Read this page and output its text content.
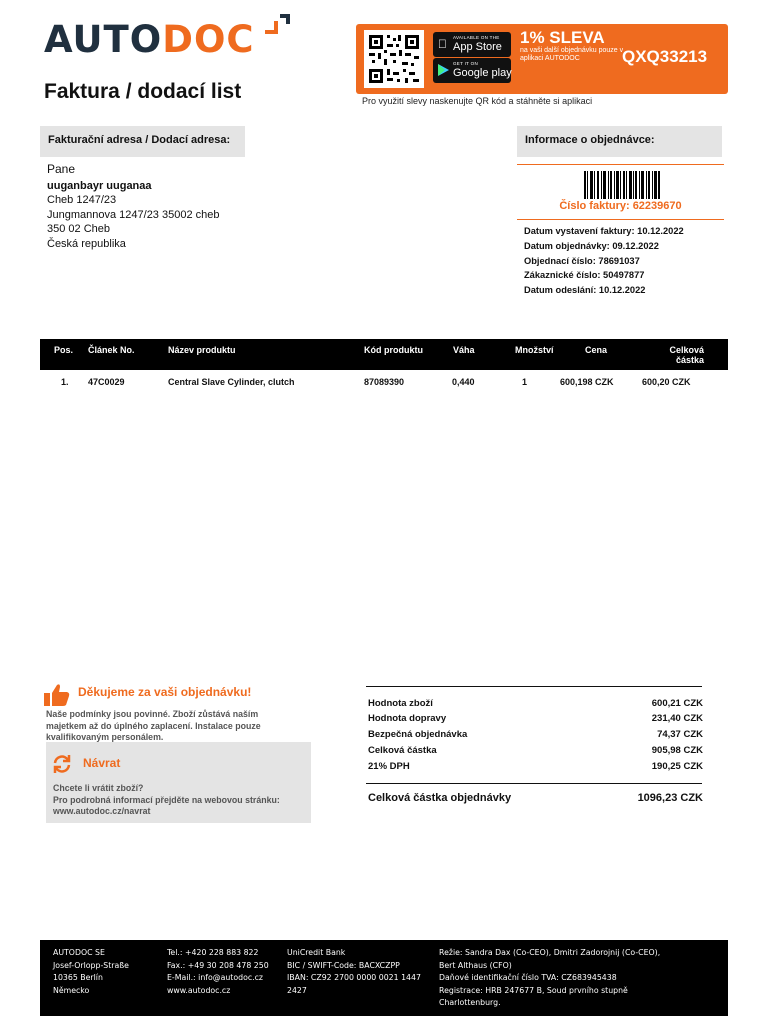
AUTODOC
Faktura / dodací list
AVAILABLE ON THE
App Store
GET IT ON
Google play
1% SLEVA
na vaši další objednávku pouze v aplikaci AUTODOC	QXQ33213
Pro využití slevy naskenujte QR kód a stáhněte si aplikaci
Fakturační adresa / Dodací adresa:
Pane
uuganbayr uuganaa
Cheb 1247/23
Jungmannova 1247/23 35002 cheb
350 02 Cheb
Česká republika
Informace o objednávce:
Číslo faktury: 62239670
Datum vystavení faktury: 10.12.2022
Datum objednávky: 09.12.2022
Objednací číslo: 78691037
Zákaznické číslo: 50497877
Datum odeslání: 10.12.2022
Pos. Článek No.	Název produktu	Kód produktu	Váha	Množství	Cena	Celková částka
1. 47C0029	Central Slave Cylinder, clutch	87089390	0,440	1	600,198 CZK	600,20 CZK
Děkujeme za vaši objednávku!
Naše podmínky jsou povinné. Zboží zůstává naším majetkem až do úplného zaplacení. Instalace pouze kvalifikovaným personálem.
Návrat
Chcete li vrátit zboží?
Pro podrobná informací přejděte na webovou stránku:
www.autodoc.cz/navrat
Hodnota zboží	600,21 CZK
Hodnota dopravy	231,40 CZK
Bezpečná objednávka	74,37 CZK
Celková částka	905,98 CZK
21% DPH	190,25 CZK
Celková částka objednávky	1096,23 CZK
AUTODOC SE
Josef-Orlopp-Straße
10365 Berlín
Německo
Tel.: +420 228 883 822
Fax.: +49 30 208 478 250
E-Mail.: info@autodoc.cz
www.autodoc.cz
UniCredit Bank
BIC / SWIFT-Code: BACXCZPP
IBAN: CZ92 2700 0000 0021 1447
2427
Režie: Sandra Dax (Co-CEO), Dmitri Zadorojnij (Co-CEO),
Bert Althaus (CFO)
Daňové identifikační číslo TVA: CZ683945438
Registrace: HRB 247677 B, Soud prvního stupně
Charlottenburg.
